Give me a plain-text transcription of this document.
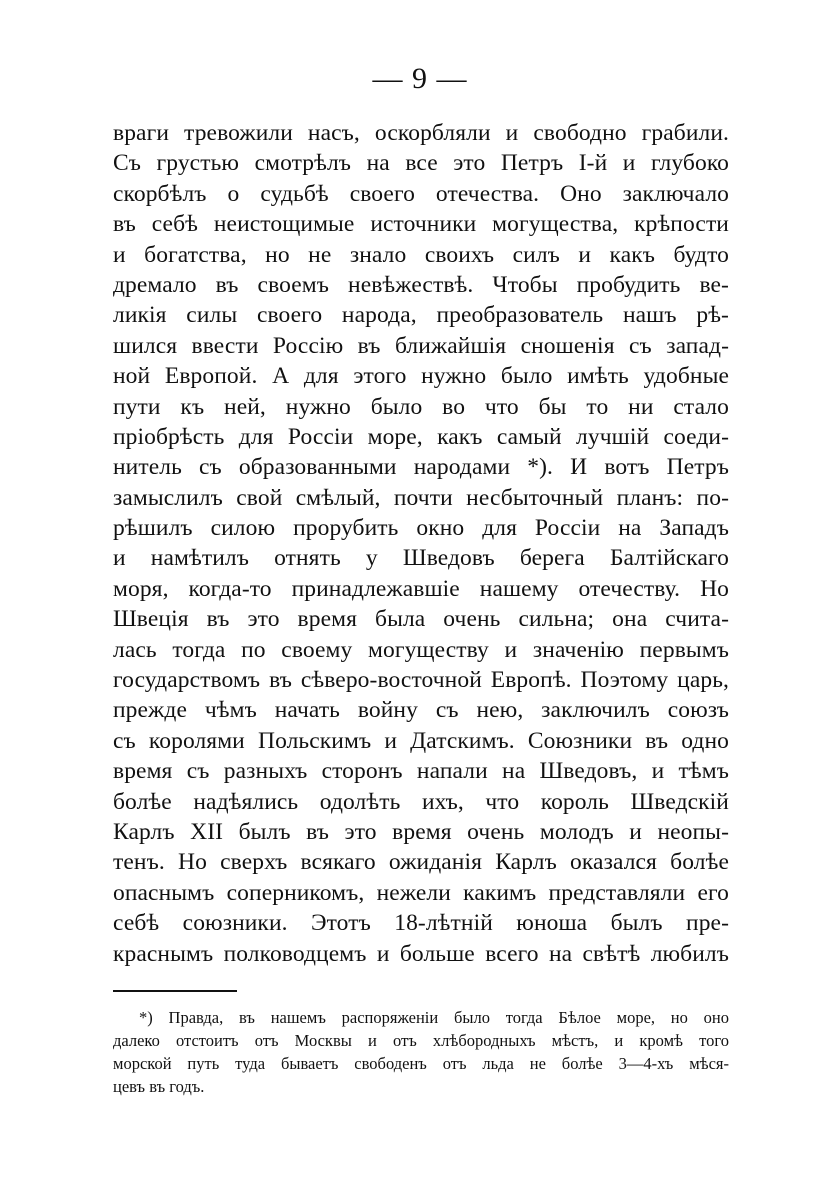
— 9 —
враги тревожили насъ, оскорбляли и свободно грабили.
Съ грустью смотрѣлъ на все это Петръ I-й и глубоко
скорбѣлъ о судьбѣ своего отечества. Оно заключало
въ себѣ неистощимые источники могущества, крѣпости
и богатства, но не знало своихъ силъ и какъ будто
дремало въ своемъ невѣжествѣ. Чтобы пробудить ве-
ликія силы своего народа, преобразователь нашъ рѣ-
шился ввести Россію въ ближайшія сношенія съ запад-
ной Европой. А для этого нужно было имѣть удобные
пути къ ней, нужно было во что бы то ни стало
пріобрѣсть для Россіи море, какъ самый лучшій соеди-
нитель съ образованными народами *). И вотъ Петръ
замыслилъ свой смѣлый, почти несбыточный планъ: по-
рѣшилъ силою прорубить окно для Россіи на Западъ
и намѣтилъ отнять у Шведовъ берега Балтійскаго
моря, когда-то принадлежавшіе нашему отечеству. Но
Швеція въ это время была очень сильна; она счита-
лась тогда по своему могуществу и значенію первымъ
государствомъ въ сѣверо-восточной Европѣ. Поэтому царь,
прежде чѣмъ начать войну съ нею, заключилъ союзъ
съ королями Польскимъ и Датскимъ. Союзники въ одно
время съ разныхъ сторонъ напали на Шведовъ, и тѣмъ
болѣе надѣялись одолѣть ихъ, что король Шведскій
Карлъ XII былъ въ это время очень молодъ и неопы-
тенъ. Но сверхъ всякаго ожиданія Карлъ оказался болѣе
опаснымъ соперникомъ, нежели какимъ представляли его
себѣ союзники. Этотъ 18-лѣтній юноша былъ пре-
краснымъ полководцемъ и больше всего на свѣтѣ любилъ
*) Правда, въ нашемъ распоряженіи было тогда Бѣлое море, но оно
далеко отстоитъ отъ Москвы и отъ хлѣбородныхъ мѣстъ, и кромѣ того
морской путь туда бываетъ свободенъ отъ льда не болѣе 3—4-хъ мѣся-
цевъ въ годъ.
